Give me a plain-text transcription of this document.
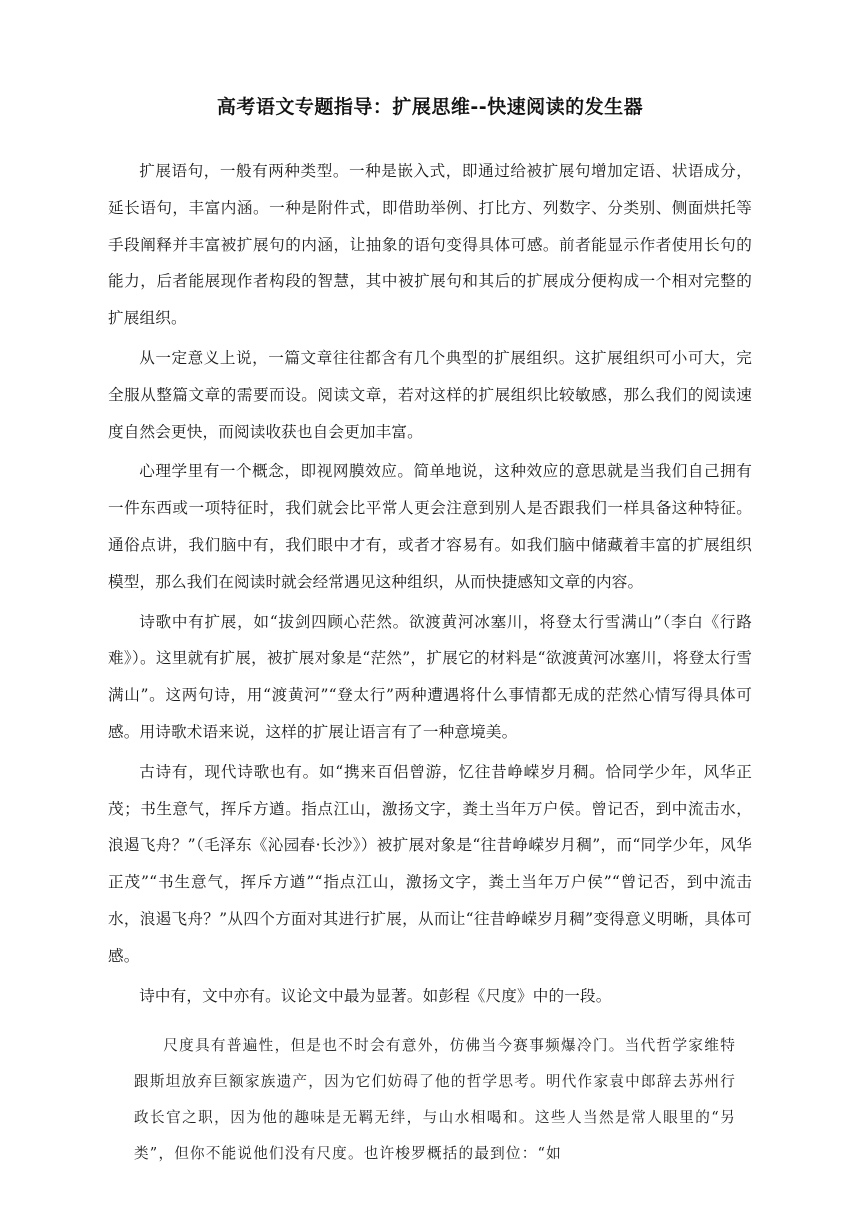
高考语文专题指导：扩展思维--快速阅读的发生器

扩展语句，一般有两种类型。一种是嵌入式，即通过给被扩展句增加定语、状语成分，延长语句，丰富内涵。一种是附件式，即借助举例、打比方、列数字、分类别、侧面烘托等手段阐释并丰富被扩展句的内涵，让抽象的语句变得具体可感。前者能显示作者使用长句的能力，后者能展现作者构段的智慧，其中被扩展句和其后的扩展成分便构成一个相对完整的扩展组织。

从一定意义上说，一篇文章往往都含有几个典型的扩展组织。这扩展组织可小可大，完全服从整篇文章的需要而设。阅读文章，若对这样的扩展组织比较敏感，那么我们的阅读速度自然会更快，而阅读收获也自会更加丰富。

心理学里有一个概念，即视网膜效应。简单地说，这种效应的意思就是当我们自己拥有一件东西或一项特征时，我们就会比平常人更会注意到别人是否跟我们一样具备这种特征。通俗点讲，我们脑中有，我们眼中才有，或者才容易有。如我们脑中储藏着丰富的扩展组织模型，那么我们在阅读时就会经常遇见这种组织，从而快捷感知文章的内容。

诗歌中有扩展，如“拔剑四顾心茫然。欲渡黄河冰塞川，将登太行雪满山”（李白《行路难》）。这里就有扩展，被扩展对象是“茫然”，扩展它的材料是“欲渡黄河冰塞川，将登太行雪满山”。这两句诗，用“渡黄河”“登太行”两种遭遇将什么事情都无成的茫然心情写得具体可感。用诗歌术语来说，这样的扩展让语言有了一种意境美。

古诗有，现代诗歌也有。如“携来百侣曾游，忆往昔峥嵘岁月稠。恰同学少年，风华正茂；书生意气，挥斥方遒。指点江山，激扬文字，粪土当年万户侯。曾记否，到中流击水，浪遏飞舟？”（毛泽东《沁园春·长沙》）被扩展对象是“往昔峥嵘岁月稠”，而“同学少年，风华正茂”“书生意气，挥斥方遒”“指点江山，激扬文字，粪土当年万户侯”“曾记否，到中流击水，浪遏飞舟？”从四个方面对其进行扩展，从而让“往昔峥嵘岁月稠”变得意义明晰，具体可感。

诗中有，文中亦有。议论文中最为显著。如彭程《尺度》中的一段。

尺度具有普遍性，但是也不时会有意外，仿佛当今赛事频爆冷门。当代哲学家维特跟斯坦放弃巨额家族遗产，因为它们妨碍了他的哲学思考。明代作家袁中郎辞去苏州行政长官之职，因为他的趣味是无羁无绊，与山水相喝和。这些人当然是常人眼里的“另类”，但你不能说他们没有尺度。也许梭罗概括的最到位：“如
